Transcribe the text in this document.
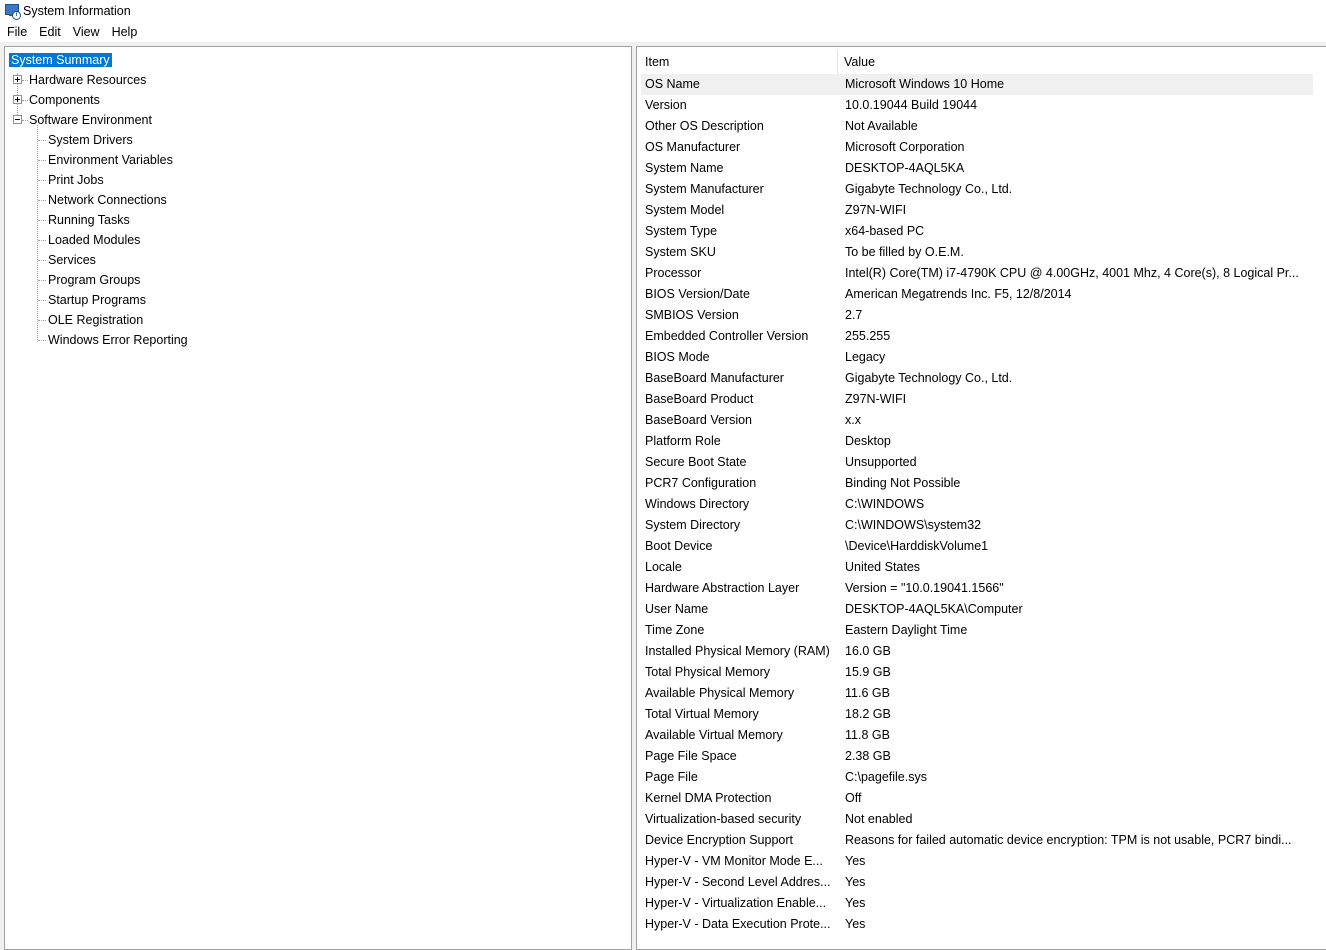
i System Information
File Edit View Help
System Summary
Hardware Resources
Components
Software Environment
System Drivers
Environment Variables
Print Jobs
Network Connections
Running Tasks
Loaded Modules
Services
Program Groups
Startup Programs
OLE Registration
Windows Error Reporting
Item	Value
OS Name	Microsoft Windows 10 Home
Version	10.0.19044 Build 19044
Other OS Description	Not Available
OS Manufacturer	Microsoft Corporation
System Name	DESKTOP-4AQL5KA
System Manufacturer	Gigabyte Technology Co., Ltd.
System Model	Z97N-WIFI
System Type	x64-based PC
System SKU	To be filled by O.E.M.
Processor	Intel(R) Core(TM) i7-4790K CPU @ 4.00GHz, 4001 Mhz, 4 Core(s), 8 Logical Pr...
BIOS Version/Date	American Megatrends Inc. F5, 12/8/2014
SMBIOS Version	2.7
Embedded Controller Version	255.255
BIOS Mode	Legacy
BaseBoard Manufacturer	Gigabyte Technology Co., Ltd.
BaseBoard Product	Z97N-WIFI
BaseBoard Version	x.x
Platform Role	Desktop
Secure Boot State	Unsupported
PCR7 Configuration	Binding Not Possible
Windows Directory	C:\WINDOWS
System Directory	C:\WINDOWS\system32
Boot Device	\Device\HarddiskVolume1
Locale	United States
Hardware Abstraction Layer	Version = "10.0.19041.1566"
User Name	DESKTOP-4AQL5KA\Computer
Time Zone	Eastern Daylight Time
Installed Physical Memory (RAM)	16.0 GB
Total Physical Memory	15.9 GB
Available Physical Memory	11.6 GB
Total Virtual Memory	18.2 GB
Available Virtual Memory	11.8 GB
Page File Space	2.38 GB
Page File	C:\pagefile.sys
Kernel DMA Protection	Off
Virtualization-based security	Not enabled
Device Encryption Support	Reasons for failed automatic device encryption: TPM is not usable, PCR7 bindi...
Hyper-V - VM Monitor Mode E...	Yes
Hyper-V - Second Level Addres...	Yes
Hyper-V - Virtualization Enable...	Yes
Hyper-V - Data Execution Prote...	Yes
